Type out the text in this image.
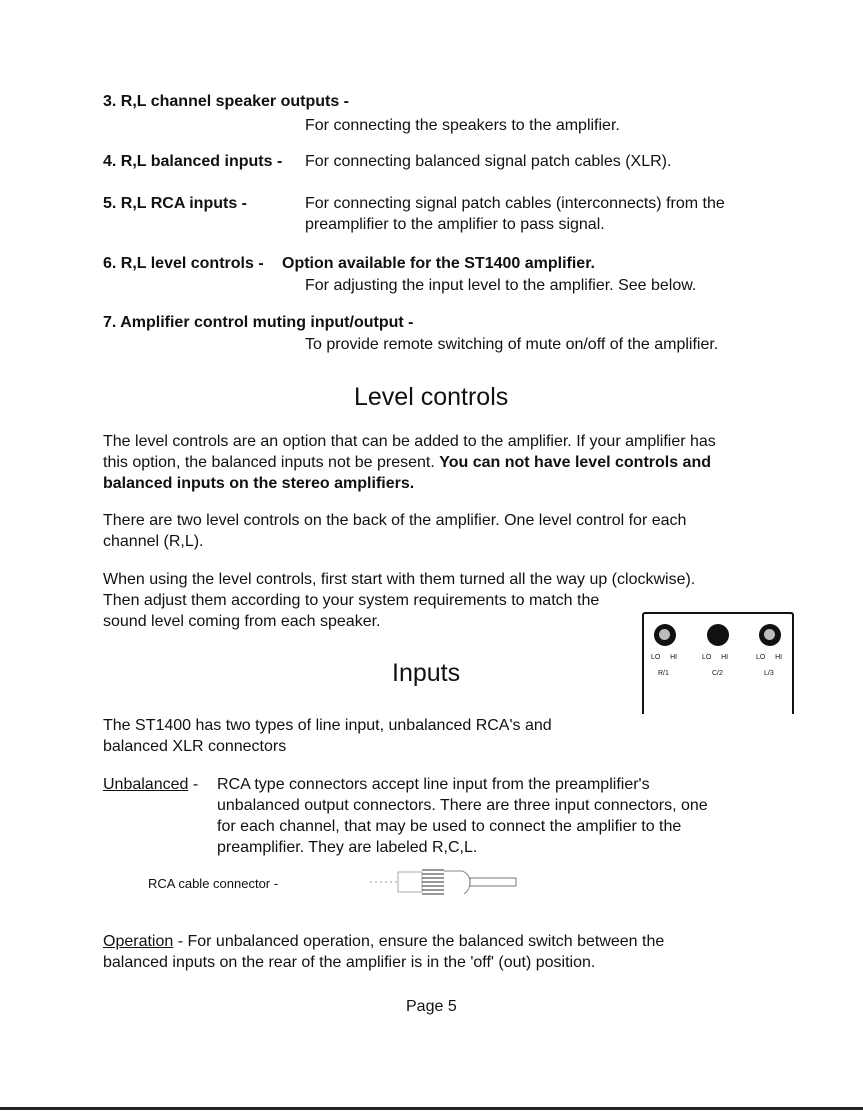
3. R,L channel speaker outputs -
For connecting the speakers to the amplifier.
4. R,L balanced inputs - For connecting balanced signal patch cables (XLR).
5. R,L RCA inputs -	For connecting signal patch cables (interconnects) from the
preamplifier to the amplifier to pass signal.
6. R,L level controls - Option available for the ST1400 amplifier.
For adjusting the input level to the amplifier. See below.
7. Amplifier control muting input/output -
To provide remote switching of mute on/off of the amplifier.
Level controls
The level controls are an option that can be added to the amplifier. If your amplifier has
this option, the balanced inputs not be present. You can not have level controls and
balanced inputs on the stereo amplifiers.
There are two level controls on the back of the amplifier. One level control for each
channel (R,L).
When using the level controls, first start with them turned all the way up (clockwise).
Then adjust them according to your system requirements to match the
sound level coming from each speaker.
LO HI	LO HI	LO HI
R/1	C/2	L/3
Inputs
The ST1400 has two types of line input, unbalanced RCA's and
balanced XLR connectors
Unbalanced - RCA type connectors accept line input from the preamplifier's
unbalanced output connectors. There are three input connectors, one
for each channel, that may be used to connect the amplifier to the
preamplifier. They are labeled R,C,L.
RCA cable connector -
Operation - For unbalanced operation, ensure the balanced switch between the
balanced inputs on the rear of the amplifier is in the 'off' (out) position.
Page 5
